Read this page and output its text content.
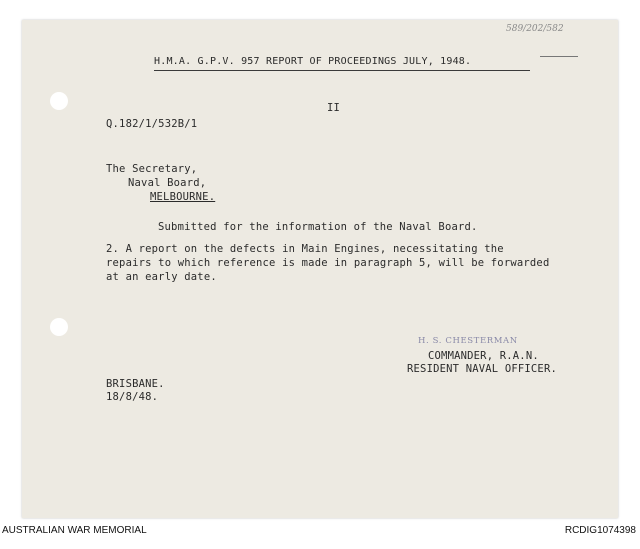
589/202/582
H.M.A. G.P.V. 957 REPORT OF PROCEEDINGS JULY, 1948.
II
Q.182/1/532B/1
The Secretary,
Naval Board,
MELBOURNE.
Submitted for the information of the Naval Board.
2. A report on the defects in Main Engines, necessitating the
repairs to which reference is made in paragraph 5, will be forwarded
at an early date.
H. S. CHESTERMAN
COMMANDER, R.A.N.
RESIDENT NAVAL OFFICER.
BRISBANE.
18/8/48.
AUSTRALIAN WAR MEMORIAL	RCDIG1074398
